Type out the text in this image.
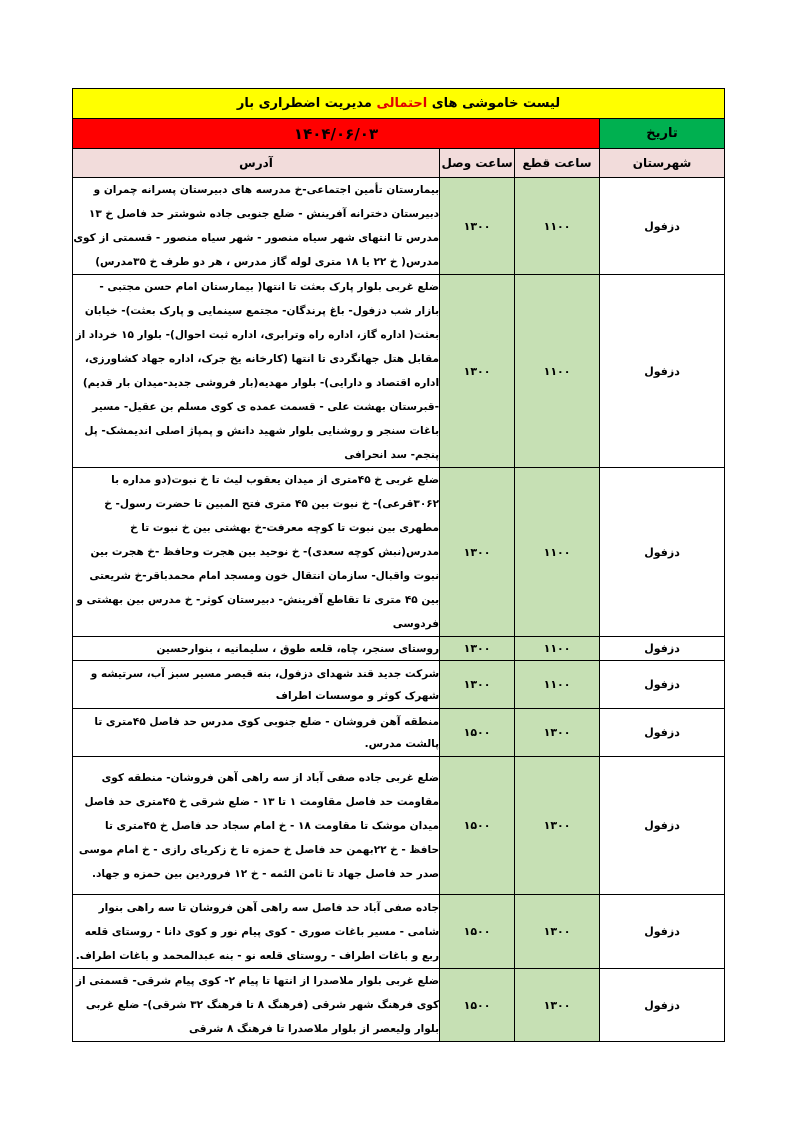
لیست خاموشی های احتمالی مدیریت اضطراری بار			
تاریخ	۱۴۰۴/۰۶/۰۳		
شهرستان	ساعت قطع	ساعت وصل	آدرس
دزفول	۱۱۰۰	۱۳۰۰	بیمارستان تأمین اجتماعی-خ مدرسه های دبیرستان پسرانه چمران و دبیرستان دخترانه آفرینش - ضلع جنوبی جاده شوشتر حد فاصل خ ۱۳ مدرس تا انتهای شهر سیاه منصور - شهر سیاه منصور - قسمتی از کوی مدرس( خ ۲۲ یا ۱۸ متری لوله گاز مدرس ، هر دو طرف خ ۳۵مدرس)
دزفول	۱۱۰۰	۱۳۰۰	ضلع غربی بلوار پارک بعثت تا انتها( بیمارستان امام حسن مجتبی - بازار شب دزفول- باغ پرندگان- مجتمع سینمایی و پارک بعثت)- خیابان بعثت( اداره گاز، اداره راه وترابری، اداره ثبت احوال)- بلوار ۱۵ خرداد از مقابل هتل جهانگردی تا انتها (کارخانه یخ جرک، اداره جهاد کشاورزی، اداره اقتصاد و دارایی)- بلوار مهدیه(بار فروشی جدید-میدان بار قدیم) -قبرستان بهشت علی - قسمت عمده ی کوی مسلم بن عقیل- مسیر باغات سنجر و روشنایی بلوار شهید دانش و پمپاژ اصلی اندیمشک- پل پنجم- سد انحرافی
دزفول	۱۱۰۰	۱۳۰۰	ضلع غربی خ ۴۵متری از میدان یعقوب لیث تا خ نبوت(دو مداره با ۳۰۶۲قرعی)- خ نبوت بین ۴۵ متری فتح المبین تا حضرت رسول- خ مطهری بین نبوت تا کوچه معرفت-خ بهشتی بین خ نبوت تا خ مدرس(نبش کوچه سعدی)- خ نوحید بین هجرت وحافظ -خ هجرت بین نبوت واقبال- سازمان انتقال خون ومسجد امام محمدباقر-خ شریعتی بین ۴۵ متری تا تقاطع آفرینش- دبیرستان کوثر- خ مدرس بین بهشتی و فردوسی
دزفول	۱۱۰۰	۱۳۰۰	روستای سنجر، چاه، قلعه طوق ، سلیمانیه ، بنوارحسین
دزفول	۱۱۰۰	۱۳۰۰	شرکت جدید قند شهدای دزفول، بنه قیصر مسیر سبز آب، سرتیشه و شهرک کوثر و موسسات اطراف
دزفول	۱۳۰۰	۱۵۰۰	منطقه آهن فروشان - ضلع جنوبی کوی مدرس حد فاصل ۴۵متری تا پالشت مدرس.
دزفول	۱۳۰۰	۱۵۰۰	ضلع غربی جاده صفی آباد از سه راهی آهن فروشان- منطقه کوی مقاومت حد فاصل مقاومت ۱ تا ۱۳ - ضلع شرقی خ ۴۵متری حد فاصل میدان موشک تا مقاومت ۱۸ - خ امام سجاد حد فاصل خ ۴۵متری تا حافظ - خ ۲۲بهمن حد فاصل خ حمزه تا خ زکریای رازی - خ امام موسی صدر حد فاصل جهاد تا ثامن الئمه - خ ۱۲ فروردین بین حمزه و جهاد.
دزفول	۱۳۰۰	۱۵۰۰	جاده صفی آباد حد فاصل سه راهی آهن فروشان تا سه راهی بنوار شامی - مسیر باغات صوری - کوی پیام نور و کوی دانا - روستای قلعه ربع و باغات اطراف - روستای قلعه نو - بنه عبدالمحمد و باغات اطراف.
دزفول	۱۳۰۰	۱۵۰۰	ضلع غربی بلوار ملاصدرا از انتها تا پیام ۲- کوی پیام شرقی- قسمتی از کوی فرهنگ شهر شرقی (فرهنگ ۸ تا فرهنگ ۳۲ شرقی)- ضلع غربی بلوار ولیعصر از بلوار ملاصدرا تا فرهنگ ۸ شرقی
